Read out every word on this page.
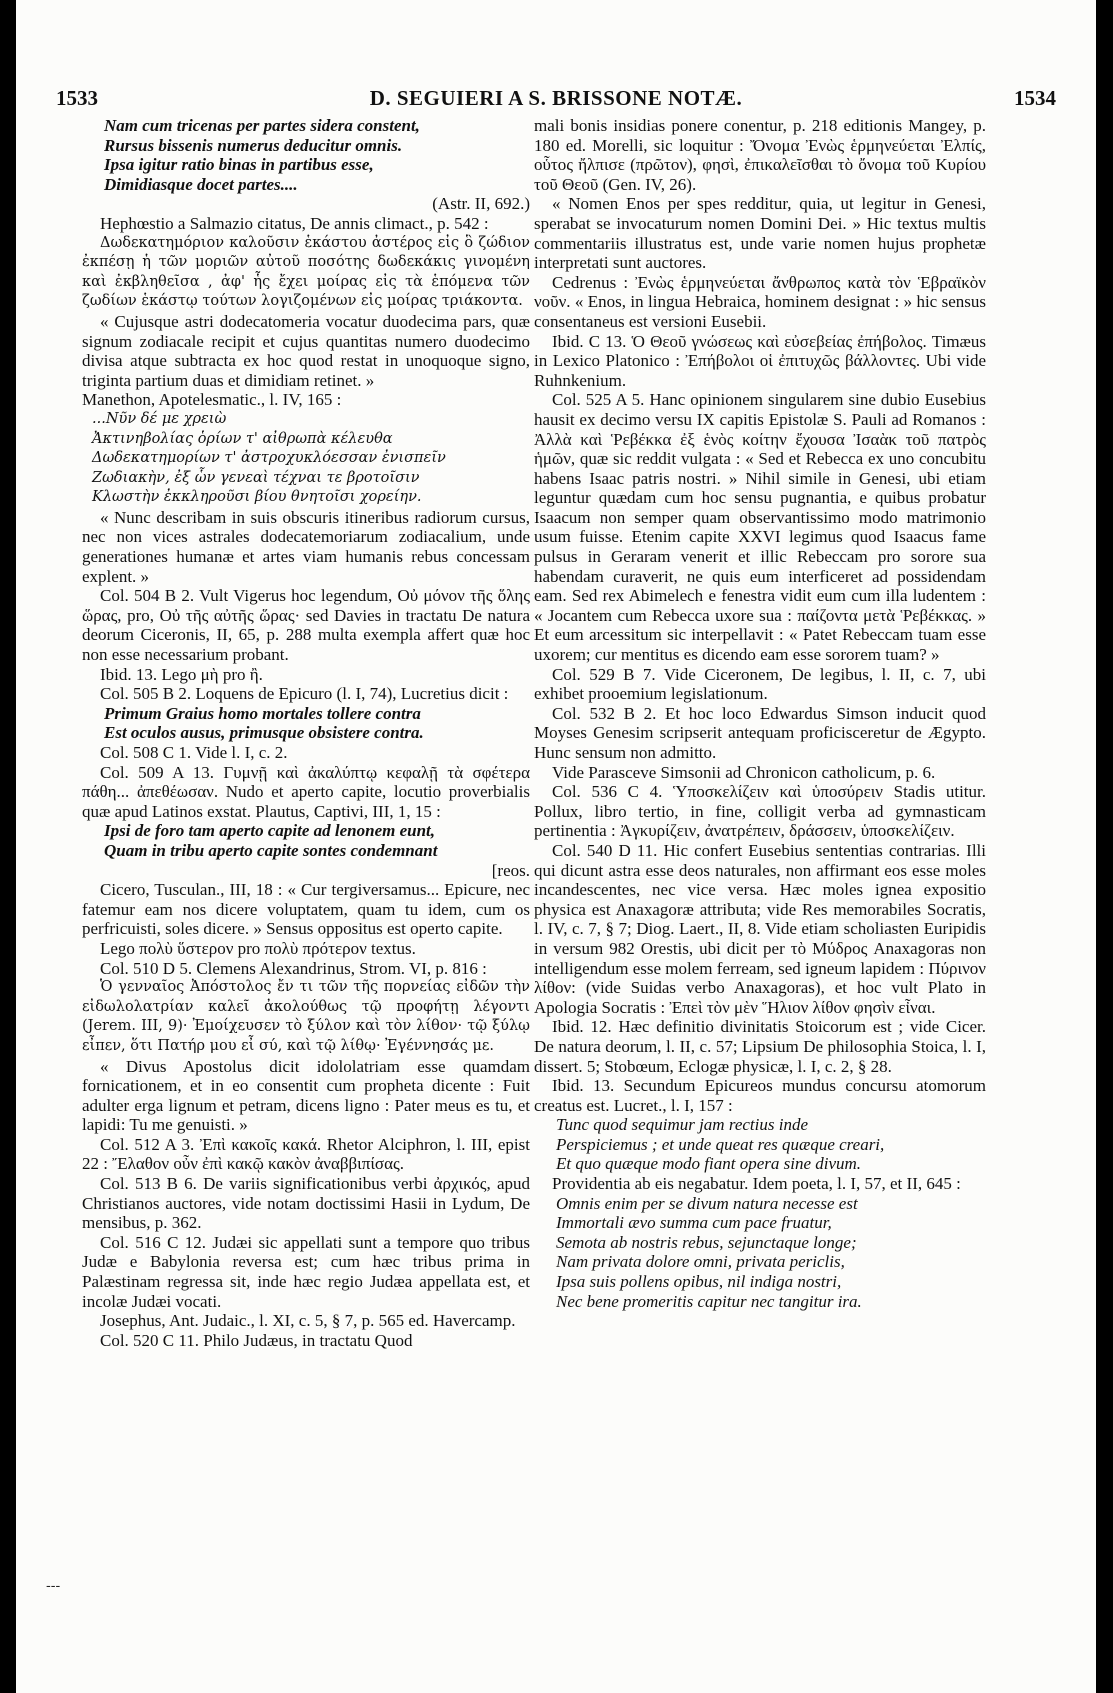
1533	D. SEGUIERI A S. BRISSONE NOTÆ.	1534

Nam cum tricenas per partes sidera constent,

Rursus bissenis numerus deducitur omnis.

Ipsa igitur ratio binas in partibus esse,

Dimidiasque docet partes....

(Astr. II, 692.)

Hephœstio a Salmazio citatus, De annis climact., p. 542 :

Δωδεκατημόριον καλοῦσιν ἑκάστου ἀστέρος εἰς ὃ ζώδιον ἐκπέσῃ ἡ τῶν μοριῶν αὐτοῦ ποσότης δωδεκάκις γινομένη καὶ ἐκβληθεῖσα , ἀφ' ἧς ἔχει μοίρας εἰς τὰ ἑπόμενα τῶν ζωδίων ἑκάστῳ τούτων λογιζομένων εἰς μοίρας τριάκοντα.

« Cujusque astri dodecatomeria vocatur duodecima pars, quæ signum zodiacale recipit et cujus quantitas numero duodecimo divisa atque subtracta ex hoc quod restat in unoquoque signo, triginta partium duas et dimidiam retinet. »

Manethon, Apotelesmatic., l. IV, 165 :

...Νῦν δέ με χρειὼ

Ἀκτινηβολίας ὁρίων τ' αἰθρωπὰ κέλευθα

Δωδεκατημορίων τ' ἀστροχυκλόεσσαν ἐνισπεῖν

Ζωδιακὴν, ἐξ ὧν γενεαὶ τέχναι τε βροτοῖσιν

Κλωστὴν ἐκκληροῦσι βίου θνητοῖσι χορείην.

« Nunc describam in suis obscuris itineribus radiorum cursus, nec non vices astrales dodecatemoriarum zodiacalium, unde generationes humanæ et artes viam humanis rebus concessam explent. »

Col. 504 B 2. Vult Vigerus hoc legendum, Οὐ μόνον τῆς ὅλης ὥρας, pro, Οὐ τῆς αὐτῆς ὥρας· sed Davies in tractatu De natura deorum Ciceronis, II, 65, p. 288 multa exempla affert quæ hoc non esse necessarium probant.

Ibid. 13. Lego μὴ pro ἢ.

Col. 505 B 2. Loquens de Epicuro (l. I, 74), Lucretius dicit :

Primum Graius homo mortales tollere contra

Est oculos ausus, primusque obsistere contra.

Col. 508 C 1. Vide l. I, c. 2.

Col. 509 A 13. Γυμνῇ καὶ ἀκαλύπτῳ κεφαλῇ τὰ σφέτερα πάθη... ἀπεθέωσαν. Nudo et aperto capite, locutio proverbialis quæ apud Latinos exstat. Plautus, Captivi, III, 1, 15 :

Ipsi de foro tam aperto capite ad lenonem eunt,

Quam in tribu aperto capite sontes condemnant

[reos.

Cicero, Tusculan., III, 18 : « Cur tergiversamus... Epicure, nec fatemur eam nos dicere voluptatem, quam tu idem, cum os perfricuisti, soles dicere. » Sensus oppositus est operto capite.

Lego πολὺ ὕστερον pro πολὺ πρότερον textus.

Col. 510 D 5. Clemens Alexandrinus, Strom. VI, p. 816 :

Ὁ γενναῖος Ἀπόστολος ἔν τι τῶν τῆς πορνείας εἰδῶν τὴν εἰδωλολατρίαν καλεῖ ἀκολούθως τῷ προφήτῃ λέγοντι (Jerem. III, 9)· Ἐμοίχευσεν τὸ ξύλον καὶ τὸν λίθον· τῷ ξύλῳ εἶπεν, ὅτι Πατήρ μου εἶ σύ, καὶ τῷ λίθῳ· Ἐγέννησάς με.

« Divus Apostolus dicit idololatriam esse quamdam fornicationem, et in eo consentit cum propheta dicente : Fuit adulter erga lignum et petram, dicens ligno : Pater meus es tu, et lapidi: Tu me genuisti. »

Col. 512 A 3. Ἐπὶ κακοῖς κακά. Rhetor Alciphron, l. III, epist 22 : Ἔλαθον οὖν ἐπὶ κακῷ κακὸν ἀναββιπίσας.

Col. 513 B 6. De variis significationibus verbi ἀρχικός, apud Christianos auctores, vide notam doctissimi Hasii in Lydum, De mensibus, p. 362.

Col. 516 C 12. Judæi sic appellati sunt a tempore quo tribus Judæ e Babylonia reversa est; cum hæc tribus prima in Palæstinam regressa sit, inde hæc regio Judæa appellata est, et incolæ Judæi vocati.

Josephus, Ant. Judaic., l. XI, c. 5, § 7, p. 565 ed. Havercamp.

Col. 520 C 11. Philo Judæus, in tractatu Quod

mali bonis insidias ponere conentur, p. 218 editionis Mangey, p. 180 ed. Morelli, sic loquitur : Ὄνομα Ἐνὼς ἑρμηνεύεται Ἐλπίς, οὗτος ἤλπισε (πρῶτον), φησὶ, ἐπικαλεῖσθαι τὸ ὄνομα τοῦ Κυρίου τοῦ Θεοῦ (Gen. IV, 26).

« Nomen Enos per spes redditur, quia, ut legitur in Genesi, sperabat se invocaturum nomen Domini Dei. » Hic textus multis commentariis illustratus est, unde varie nomen hujus prophetæ interpretati sunt auctores.

Cedrenus : Ἐνὼς ἑρμηνεύεται ἄνθρωπος κατὰ τὸν Ἑβραϊκὸν νοῦν. « Enos, in lingua Hebraica, hominem designat : » hic sensus consentaneus est versioni Eusebii.

Ibid. C 13. Ὁ Θεοῦ γνώσεως καὶ εὐσεβείας ἐπήβολος. Timæus in Lexico Platonico : Ἐπήβολοι οἱ ἐπιτυχῶς βάλλοντες. Ubi vide Ruhnkenium.

Col. 525 A 5. Hanc opinionem singularem sine dubio Eusebius hausit ex decimo versu IX capitis Epistolæ S. Pauli ad Romanos : Ἀλλὰ καὶ Ῥεβέκκα ἐξ ἑνὸς κοίτην ἔχουσα Ἰσαὰκ τοῦ πατρὸς ἡμῶν, quæ sic reddit vulgata : « Sed et Rebecca ex uno concubitu habens Isaac patris nostri. » Nihil simile in Genesi, ubi etiam leguntur quædam cum hoc sensu pugnantia, e quibus probatur Isaacum non semper quam observantissimo modo matrimonio usum fuisse. Etenim capite XXVI legimus quod Isaacus fame pulsus in Geraram venerit et illic Rebeccam pro sorore sua habendam curaverit, ne quis eum interficeret ad possidendam eam. Sed rex Abimelech e fenestra vidit eum cum illa ludentem : « Jocantem cum Rebecca uxore sua : παίζοντα μετὰ Ῥεβέκκας. » Et eum arcessitum sic interpellavit : « Patet Rebeccam tuam esse uxorem; cur mentitus es dicendo eam esse sororem tuam? »

Col. 529 B 7. Vide Ciceronem, De legibus, l. II, c. 7, ubi exhibet prooemium legislationum.

Col. 532 B 2. Et hoc loco Edwardus Simson inducit quod Moyses Genesim scripserit antequam proficisceretur de Ægypto. Hunc sensum non admitto.

Vide Parasceve Simsonii ad Chronicon catholicum, p. 6.

Col. 536 C 4. Ὑποσκελίζειν καὶ ὑποσύρειν Stadis utitur. Pollux, libro tertio, in fine, colligit verba ad gymnasticam pertinentia : Ἀγκυρίζειν, ἀνατρέπειν, δράσσειν, ὑποσκελίζειν.

Col. 540 D 11. Hic confert Eusebius sententias contrarias. Illi qui dicunt astra esse deos naturales, non affirmant eos esse moles incandescentes, nec vice versa. Hæc moles ignea expositio physica est Anaxagoræ attributa; vide Res memorabiles Socratis, l. IV, c. 7, § 7; Diog. Laert., II, 8. Vide etiam scholiasten Euripidis in versum 982 Orestis, ubi dicit per τὸ Μύδρος Anaxagoras non intelligendum esse molem ferream, sed igneum lapidem : Πύρινον λίθον: (vide Suidas verbo Anaxagoras), et hoc vult Plato in Apologia Socratis : Ἐπεὶ τὸν μὲν Ἥλιον λίθον φησὶν εἶναι.

Ibid. 12. Hæc definitio divinitatis Stoicorum est ; vide Cicer. De natura deorum, l. II, c. 57; Lipsium De philosophia Stoica, l. I, dissert. 5; Stobœum, Eclogæ physicæ, l. I, c. 2, § 28.

Ibid. 13. Secundum Epicureos mundus concursu atomorum creatus est. Lucret., l. I, 157 :

Tunc quod sequimur jam rectius inde

Perspiciemus ; et unde queat res quæque creari,

Et quo quæque modo fiant opera sine divum.

Providentia ab eis negabatur. Idem poeta, l. I, 57, et II, 645 :

Omnis enim per se divum natura necesse est

Immortali ævo summa cum pace fruatur,

Semota ab nostris rebus, sejunctaque longe;

Nam privata dolore omni, privata periclis,

Ipsa suis pollens opibus, nil indiga nostri,

Nec bene promeritis capitur nec tangitur ira.

---
